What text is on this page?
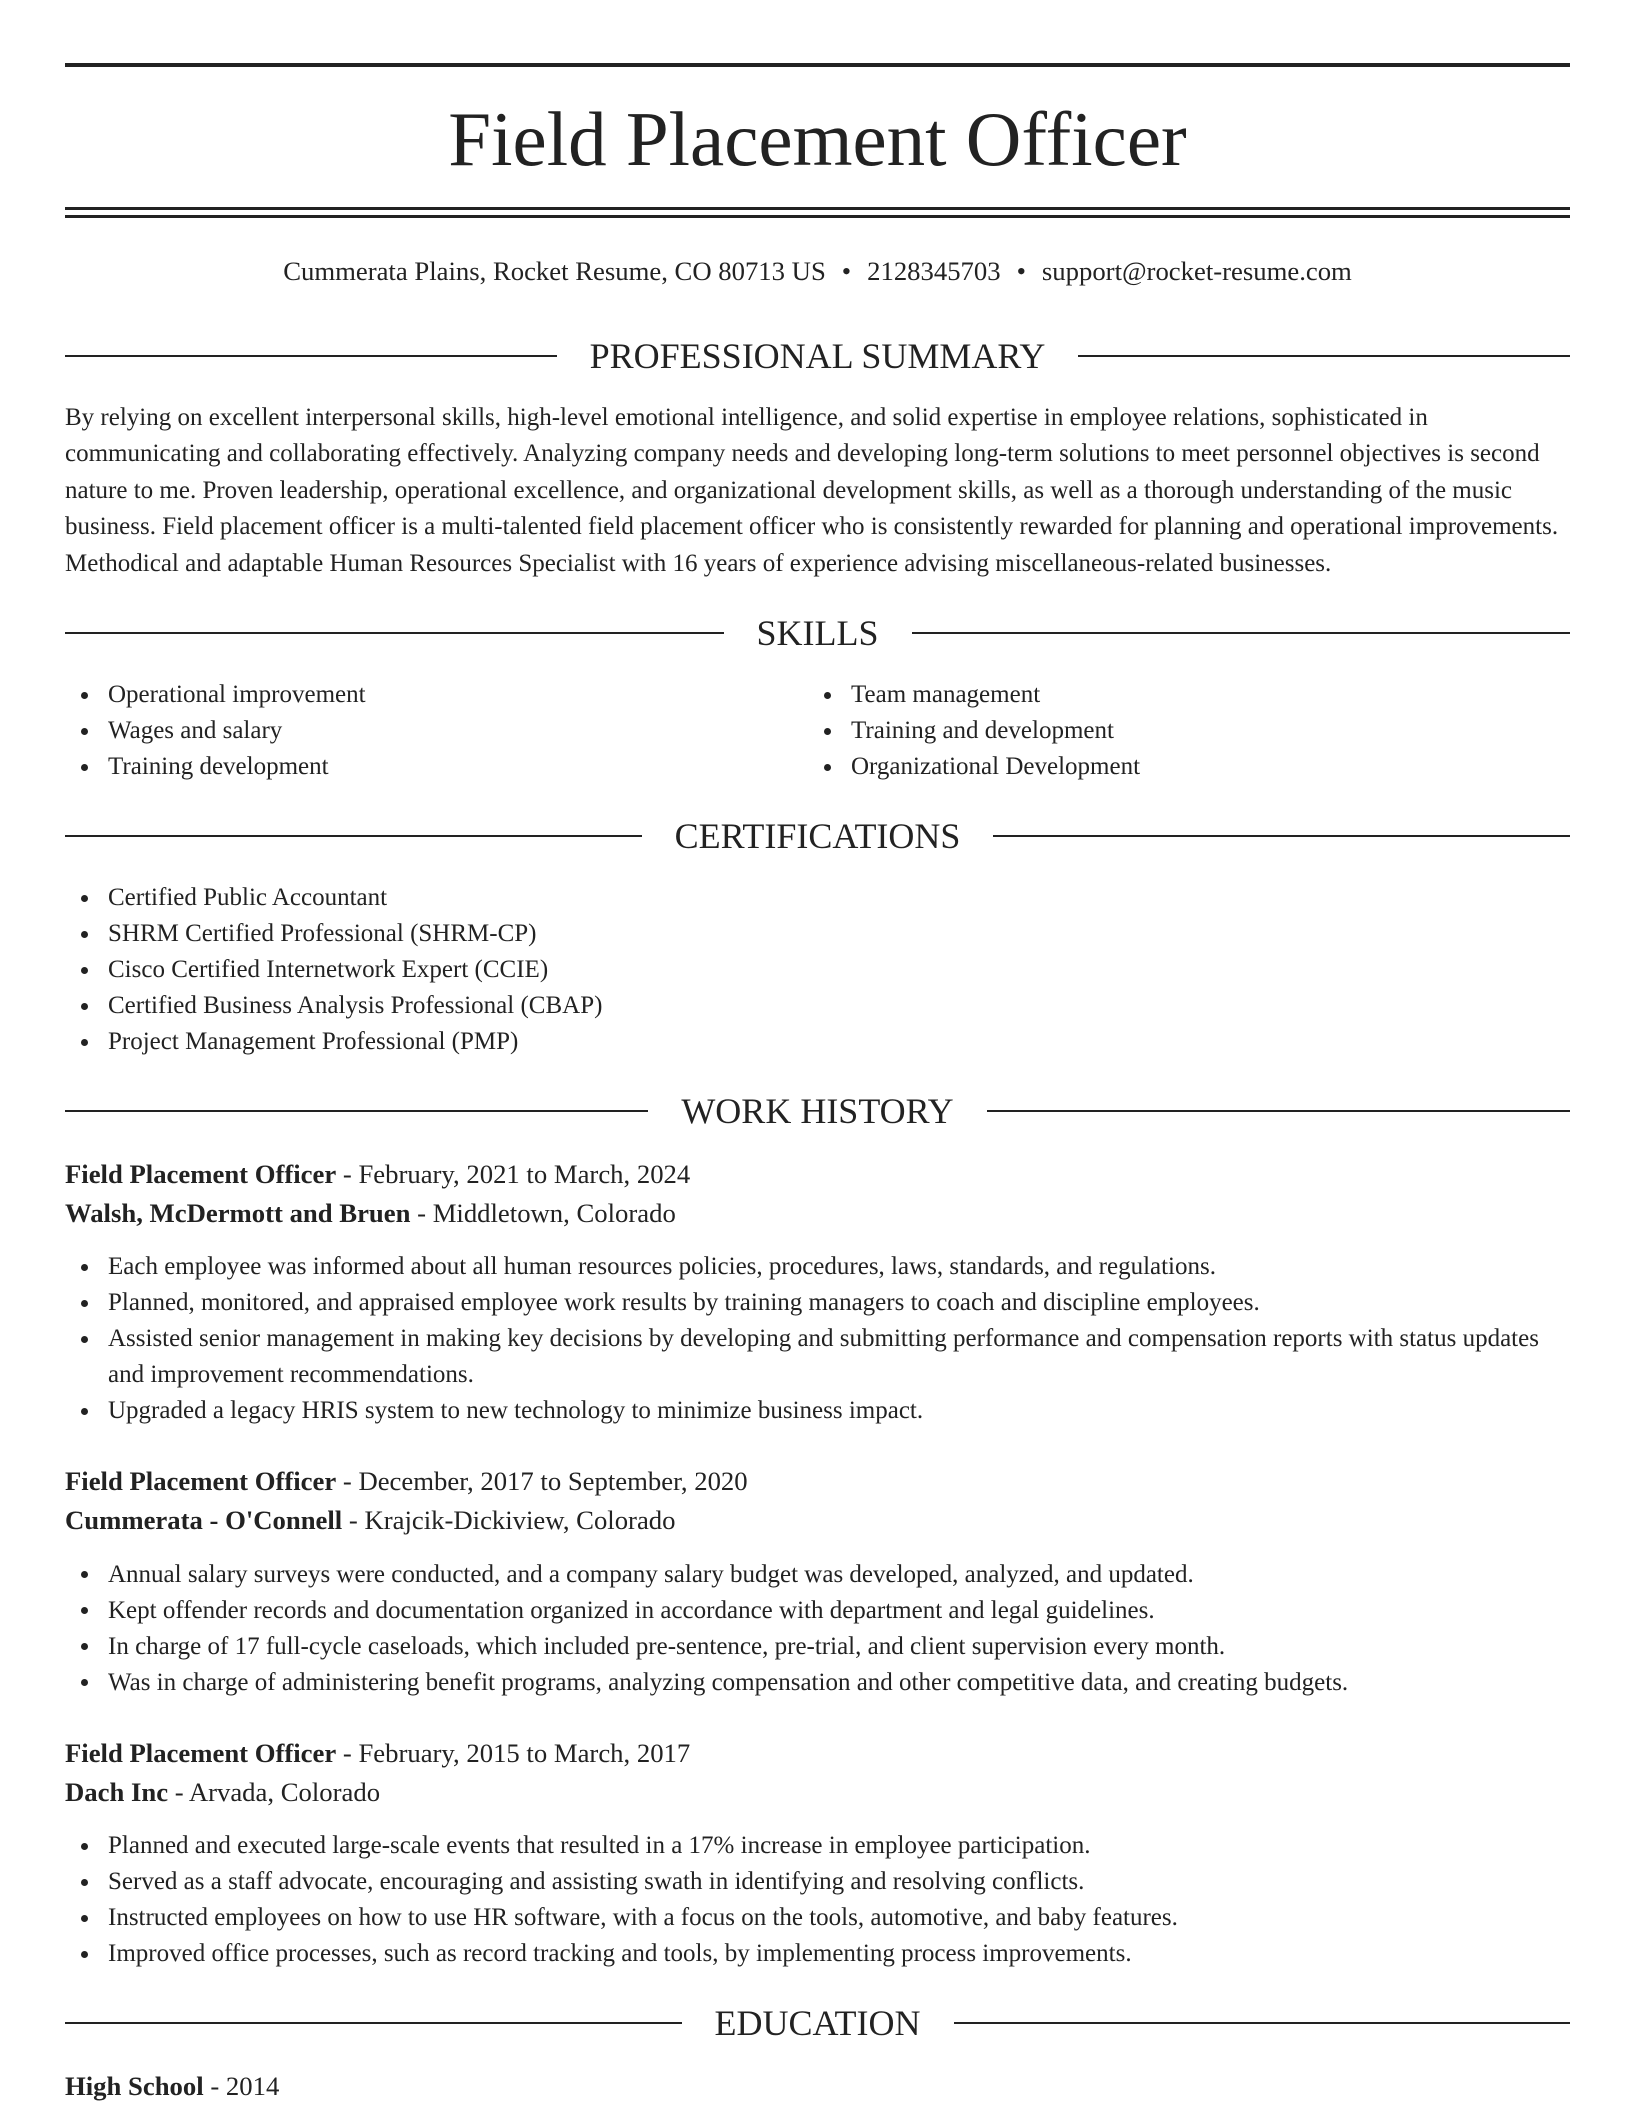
Field Placement Officer
Cummerata Plains, Rocket Resume, CO 80713 US • 2128345703 • support@rocket-resume.com
PROFESSIONAL SUMMARY

By relying on excellent interpersonal skills, high-level emotional intelligence, and solid expertise in employee relations, sophisticated in communicating and collaborating effectively. Analyzing company needs and developing long-term solutions to meet personnel objectives is second nature to me. Proven leadership, operational excellence, and organizational development skills, as well as a thorough understanding of the music business. Field placement officer is a multi-talented field placement officer who is consistently rewarded for planning and operational improvements. Methodical and adaptable Human Resources Specialist with 16 years of experience advising miscellaneous-related businesses.

SKILLS
Operational improvement
Wages and salary
Training development
Team management
Training and development
Organizational Development
CERTIFICATIONS
Certified Public Accountant
SHRM Certified Professional (SHRM-CP)
Cisco Certified Internetwork Expert (CCIE)
Certified Business Analysis Professional (CBAP)
Project Management Professional (PMP)
WORK HISTORY
Field Placement Officer - February, 2021 to March, 2024
Walsh, McDermott and Bruen - Middletown, Colorado
Each employee was informed about all human resources policies, procedures, laws, standards, and regulations.
Planned, monitored, and appraised employee work results by training managers to coach and discipline employees.
Assisted senior management in making key decisions by developing and submitting performance and compensation reports with status updates and improvement recommendations.
Upgraded a legacy HRIS system to new technology to minimize business impact.
Field Placement Officer - December, 2017 to September, 2020
Cummerata - O'Connell - Krajcik-Dickiview, Colorado
Annual salary surveys were conducted, and a company salary budget was developed, analyzed, and updated.
Kept offender records and documentation organized in accordance with department and legal guidelines.
In charge of 17 full-cycle caseloads, which included pre-sentence, pre-trial, and client supervision every month.
Was in charge of administering benefit programs, analyzing compensation and other competitive data, and creating budgets.
Field Placement Officer - February, 2015 to March, 2017
Dach Inc - Arvada, Colorado
Planned and executed large-scale events that resulted in a 17% increase in employee participation.
Served as a staff advocate, encouraging and assisting swath in identifying and resolving conflicts.
Instructed employees on how to use HR software, with a focus on the tools, automotive, and baby features.
Improved office processes, such as record tracking and tools, by implementing process improvements.
EDUCATION
High School - 2014
